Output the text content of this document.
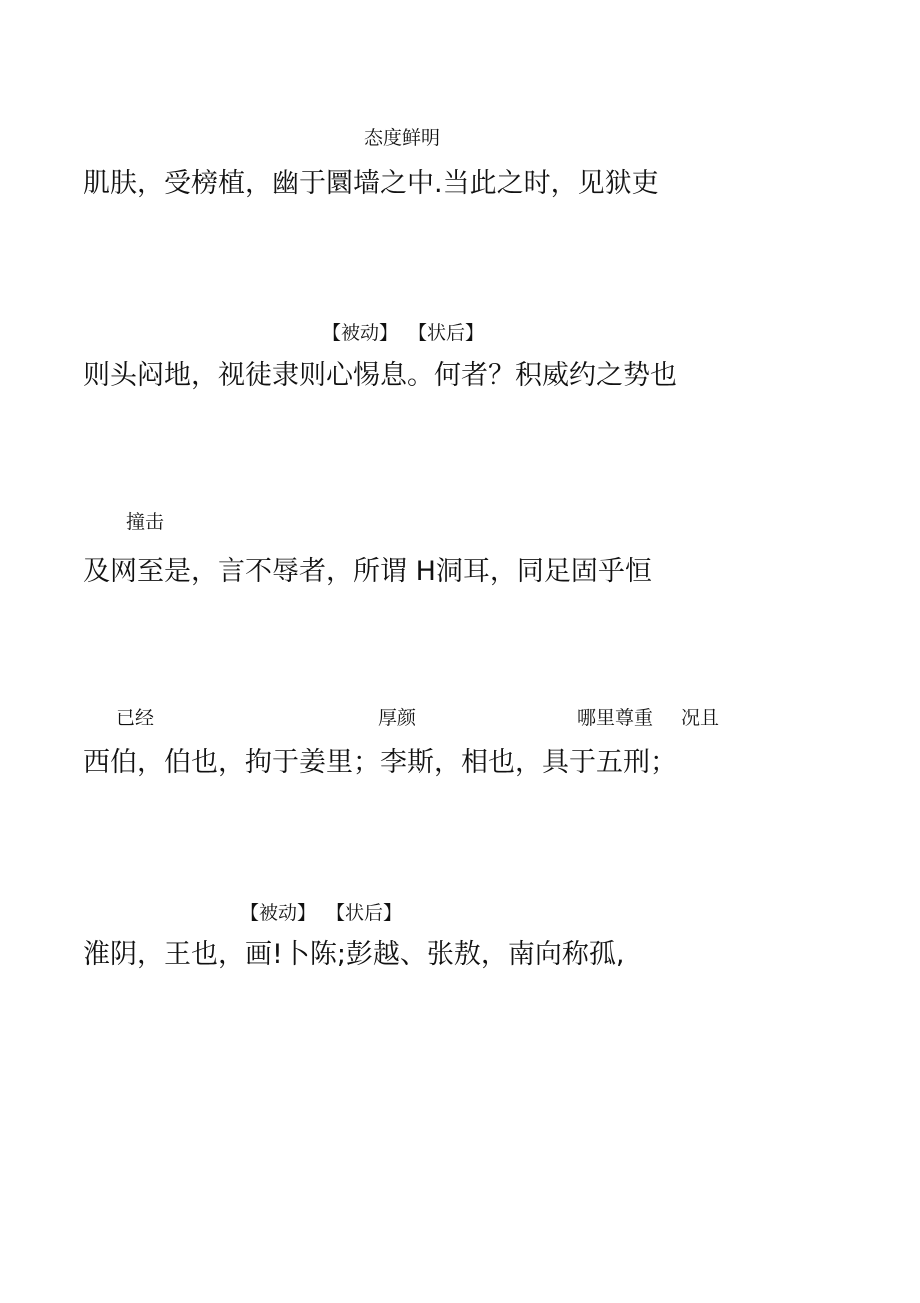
态度鲜明
肌肤，受榜植，幽于圜墙之中.当此之时，见狱吏
【被动】 【状后】
则头闷地，视徒隶则心惕息。何者？积威约之势也
撞击
及网至是，言不辱者，所谓 H洞耳，同足固乎恒
已经	厚颜	哪里尊重 况且
西伯，伯也，拘于姜里；李斯，相也，具于五刑；
【被动】 【状后】
淮阴，王也，画!卜陈;彭越、张敖，南向称孤,
